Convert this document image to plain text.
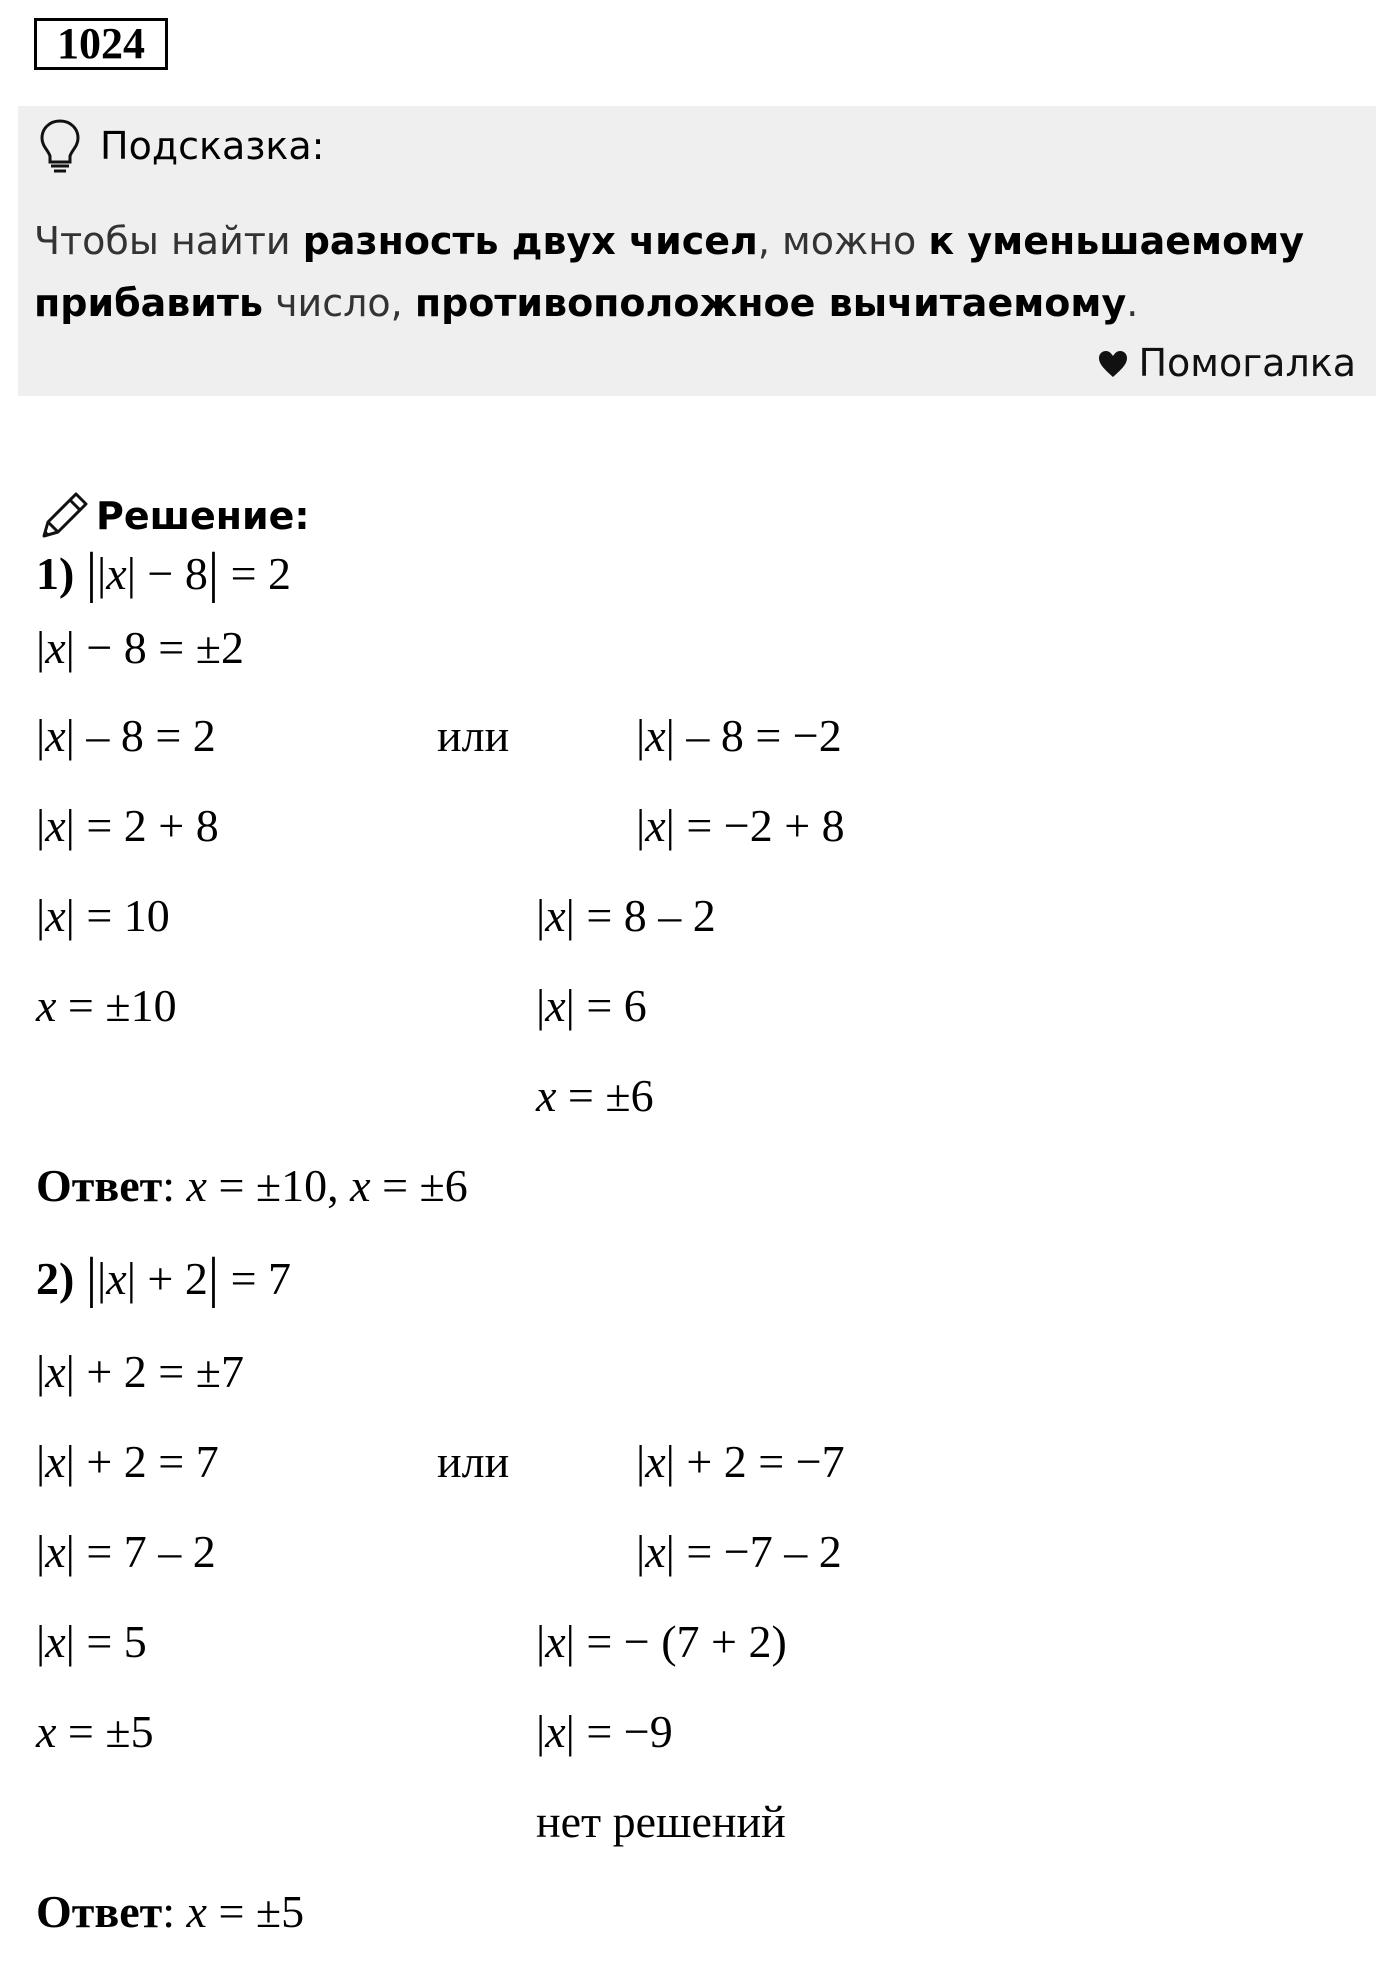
1024
Подсказка:
Чтобы найти разность двух чисел, можно к уменьшаемому прибавить число, противоположное вычитаемому.
Помогалка
Решение:
1) ||x| − 8| = 2
|x| − 8 = ±2
|x| – 8 = 2	или	|x| – 8 = −2
|x| = 2 + 8	|x| = −2 + 8
|x| = 10	|x| = 8 – 2
x = ±10	|x| = 6
x = ±6
Ответ: x = ±10, x = ±6
2) ||x| + 2| = 7
|x| + 2 = ±7
|x| + 2 = 7	или	|x| + 2 = −7
|x| = 7 – 2	|x| = −7 – 2
|x| = 5	|x| = − (7 + 2)
x = ±5	|x| = −9
нет решений
Ответ: x = ±5
